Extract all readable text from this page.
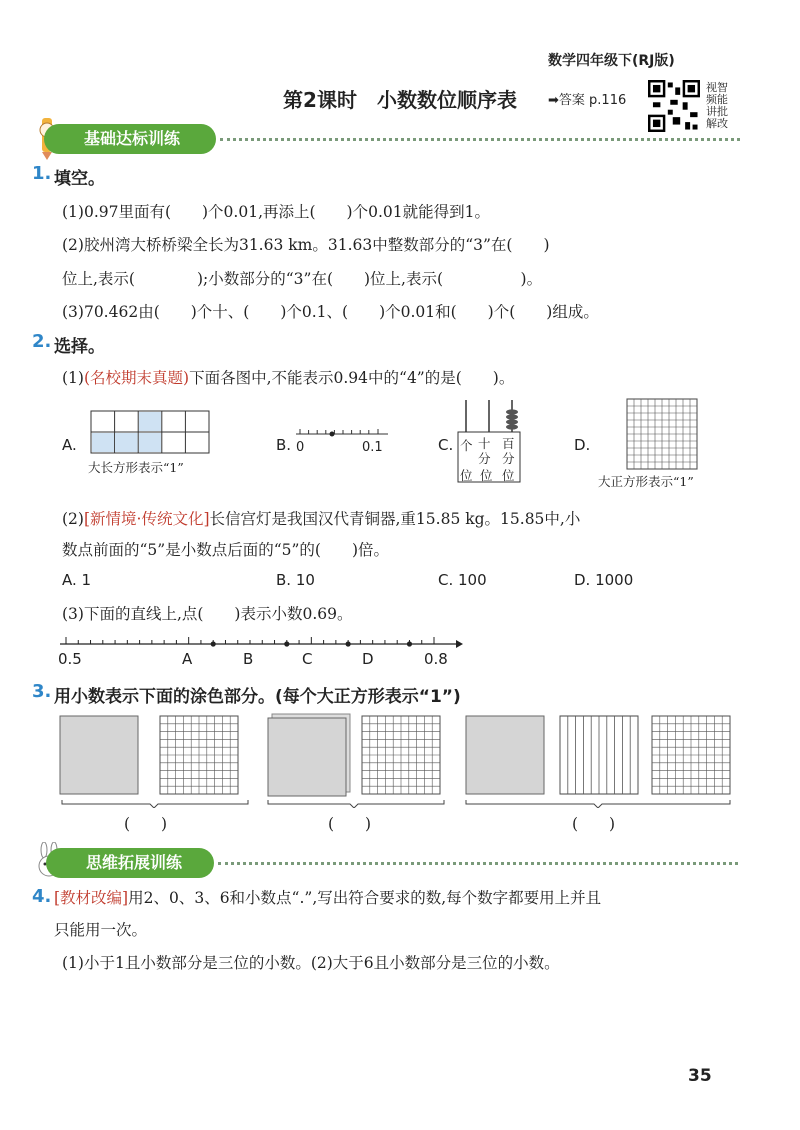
数学四年级下(RJ版)
第2课时　小数数位顺序表	➡答案 p.116
视智频能讲批解改
基础达标训练
1. 填空。
(1)0.97里面有(　　)个0.01,再添上(　　)个0.01就能得到1。
(2)胶州湾大桥桥梁全长为31.63 km。31.63中整数部分的“3”在(　　)
位上,表示(　　　　);小数部分的“3”在(　　)位上,表示(　　　　　)。
(3)70.462由(　　)个十、(　　)个0.1、(　　)个0.01和(　　)个(　　)组成。
2. 选择。
(1)(名校期末真题)下面各图中,不能表示0.94中的“4”的是(　　)。
A.
大长方形表示“1”
B. 0	0.1	C. 个 十分
百分
位 位 位
D.
大正方形表示“1”
(2)[新情境·传统文化]长信宫灯是我国汉代青铜器,重15.85 kg。15.85中,小
数点前面的“5”是小数点后面的“5”的(　　)倍。
A. 1	B. 10	C. 100	D. 1000
(3)下面的直线上,点(　　)表示小数0.69。
0.5	0.8
A	B	C	D
3. 用小数表示下面的涂色部分。(每个大正方形表示“1”)
(　　)	(　　)	(　　)
思维拓展训练
4. [教材改编]用2、0、3、6和小数点“.”,写出符合要求的数,每个数字都要用上并且
只能用一次。
(1)小于1且小数部分是三位的小数。(2)大于6且小数部分是三位的小数。
35
